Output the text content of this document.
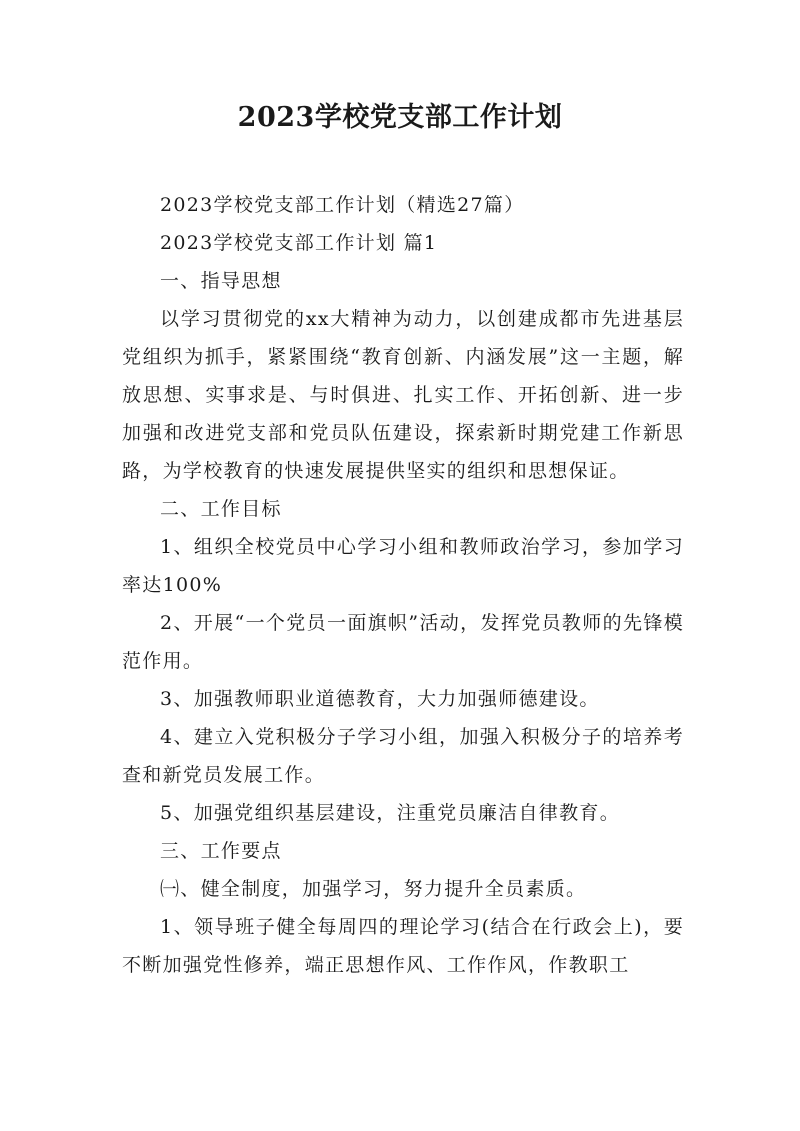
2023学校党支部工作计划

2023学校党支部工作计划（精选27篇）

2023学校党支部工作计划 篇1

一、指导思想

以学习贯彻党的xx大精神为动力，以创建成都市先进基层党组织为抓手，紧紧围绕“教育创新、内涵发展”这一主题，解放思想、实事求是、与时俱进、扎实工作、开拓创新、进一步加强和改进党支部和党员队伍建设，探索新时期党建工作新思路，为学校教育的快速发展提供坚实的组织和思想保证。

二、工作目标

1、组织全校党员中心学习小组和教师政治学习，参加学习率达100%

2、开展“一个党员一面旗帜”活动，发挥党员教师的先锋模范作用。

3、加强教师职业道德教育，大力加强师德建设。

4、建立入党积极分子学习小组，加强入积极分子的培养考查和新党员发展工作。

5、加强党组织基层建设，注重党员廉洁自律教育。

三、工作要点

㈠、健全制度，加强学习，努力提升全员素质。

1、领导班子健全每周四的理论学习(结合在行政会上)，要不断加强党性修养，端正思想作风、工作作风，作教职工
